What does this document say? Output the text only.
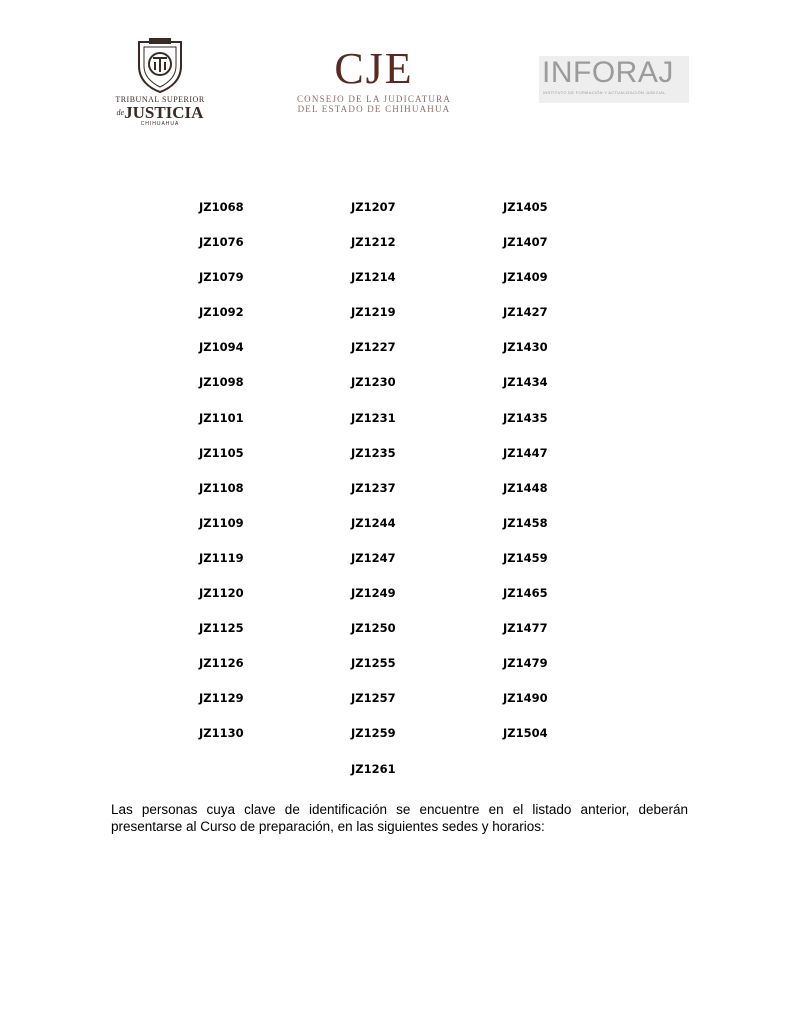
TRIBUNAL SUPERIOR
$^{de}$JUSTICIA
CHIHUAHUA
CJE
CONSEJO DE LA JUDICATURA
DEL ESTADO DE CHIHUAHUA
INFORAJ
INSTITUTO DE FORMACIÓN Y ACTUALIZACIÓN JUDICIAL
JZ1068
JZ1076
JZ1079
JZ1092
JZ1094
JZ1098
JZ1101
JZ1105
JZ1108
JZ1109
JZ1119
JZ1120
JZ1125
JZ1126
JZ1129
JZ1130
JZ1207
JZ1212
JZ1214
JZ1219
JZ1227
JZ1230
JZ1231
JZ1235
JZ1237
JZ1244
JZ1247
JZ1249
JZ1250
JZ1255
JZ1257
JZ1259
JZ1261
JZ1405
JZ1407
JZ1409
JZ1427
JZ1430
JZ1434
JZ1435
JZ1447
JZ1448
JZ1458
JZ1459
JZ1465
JZ1477
JZ1479
JZ1490
JZ1504
Las personas cuya clave de identificación se encuentre en el listado anterior, deberán presentarse al Curso de preparación, en las siguientes sedes y horarios:
